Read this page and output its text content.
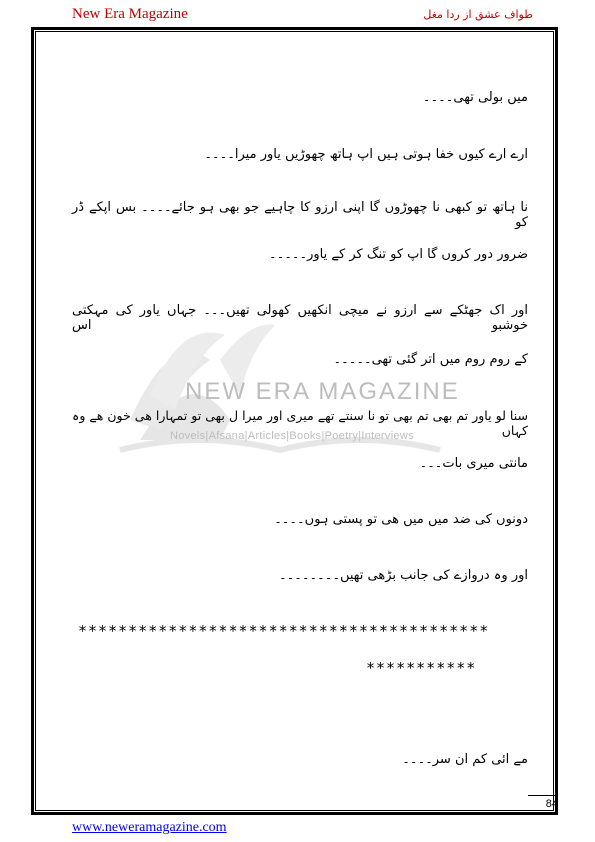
New Era Magazine	طواف عشق از ردا مغل
NEW ERA MAGAZINE
Novels|Afsana|Articles|Books|Poetry|Interviews

میں بولی تھی۔۔۔۔

ارے ارے کیوں خفا ہوتی ہیں اپ ہاتھ چھوڑیں یاور میرا۔۔۔۔

نا ہاتھ تو کبھی نا چھوڑوں گا اپنی ارزو کا چاہیے جو بھی ہو جائے۔۔۔۔ بس اپکے ڈر کو

ضرور دور کروں گا اپ کو تنگ کر کے یاور۔۔۔۔۔

اور اک جھٹکے سے ارزو نے میچی انکھیں کھولی تھیں۔۔۔ جہاں یاور کی مہکتی خوشبو اس

کے روم روم میں اتر گئی تھی۔۔۔۔۔

سنا لو یاور تم بھی تم بھی تو نا سنتے تھے میری اور میرا ل بھی تو تمہارا ھی خون ھے وہ کہاں

مانتی میری بات۔۔۔

دونوں کی ضد میں میں ھی تو پستی ہوں۔۔۔۔

اور وہ دروازے کی جانب بڑھی تھیں۔۔۔۔۔۔۔۔

مے ائی کم ان سر۔۔۔۔

*****************************************
***********
84
www.neweramagazine.com
